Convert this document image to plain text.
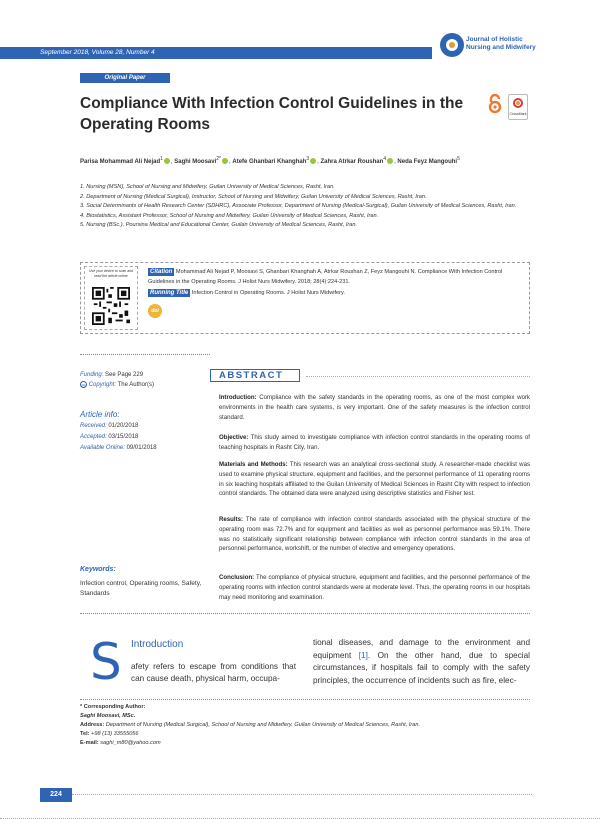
September 2018, Volume 28, Number 4
Journal of Holistic
Nursing and Midwifery
Original Paper
Compliance With Infection Control Guidelines in the Operating Rooms
CrossMark
Parisa Mohammad Ali Nejad$^1$ , Saghi Moosavi$^{2*}$ , Atefe Ghanbari Khanghah$^3$ , Zahra Atrkar Roushan$^4$ , Neda Feyz Mangouhi$^5$
1. Nursing (MSN), School of Nursing and Midwifery, Guilan University of Medical Sciences, Rasht, Iran.
2. Department of Nursing (Medical Surgical), Instructor, School of Nursing and Midwifery, Guilan University of Medical Sciences, Rasht, Iran.
3. Social Determinants of Health Research Center (SDHRC), Associate Professor, Department of Nursing (Medical-Surgical), Guilan University of Medical Sciences, Rasht, Iran.
4. Biostatistics, Assistant Professor, School of Nursing and Midwifery, Guilan University of Medical Sciences, Rasht, Iran.
5. Nursing (BSc.), Poursina Medical and Educational Center, Guilan University of Medical Sciences, Rasht, Iran.
Use your device to scan and read the article online
Citation Mohammad Ali Nejad P, Moosavi S, Ghanbari Khanghah A, Atrkar Roushan Z, Feyz Mangouhi N. Compliance With Infection Control Guidelines in the Operating Rooms. J Holist Nurs Midwifery. 2018; 28(4):224-231.
Running Title Infection Control in Operating Rooms. J Holist Nurs Midwifery.
doi
Funding: See Page 229
cc Copyright: The Author(s)
Article info:
Received: 01/20/2018
Accepted: 03/15/2018
Available Online: 09/01/2018
Keywords:
Infection control, Operating rooms, Safety, Standards
ABSTRACT
Introduction: Compliance with the safety standards in the operating rooms, as one of the most complex work environments in the health care systems, is very important. One of the safety measures is the infection control standard.
Objective: This study aimed to investigate compliance with infection control standards in the operating rooms of teaching hospitals in Rasht City, Iran.
Materials and Methods: This research was an analytical cross-sectional study. A researcher-made checklist was used to examine physical structure, equipment and facilities, and the personnel performance of 11 operating rooms in six teaching hospitals affiliated to the Guilan University of Medical Sciences in Rasht City with respect to infection control standards. The obtained data were analyzed using descriptive statistics and Fisher test.
Results: The rate of compliance with infection control standards associated with the physical structure of the operating room was 72.7% and for equipment and facilities as well as personnel performance was 59.1%. There was no statistically significant relationship between compliance with infection control standards in the area of personnel performance, workshift, or the number of elective and emergency operations.
Conclusion: The compliance of physical structure, equipment and facilities, and the personnel performance of the operating rooms with infection control standards were at moderate level. Thus, the operating rooms in our hospitals may need monitoring and examination.
S Introduction
afety refers to escape from conditions that can cause death, physical harm, occupa-
tional diseases, and damage to the environment and equipment [1]. On the other hand, due to special circumstances, if hospitals fail to comply with the safety principles, the occurrence of incidents such as fire, elec-
* Corresponding Author:
Saghi Moosavi, MSc.
Address: Department of Nursing (Medical Surgical), School of Nursing and Midwifery, Guilan University of Medical Sciences, Rasht, Iran.
Tel: +98 (13) 33555056
E-mail: saghi_m80@yahoo.com
224
